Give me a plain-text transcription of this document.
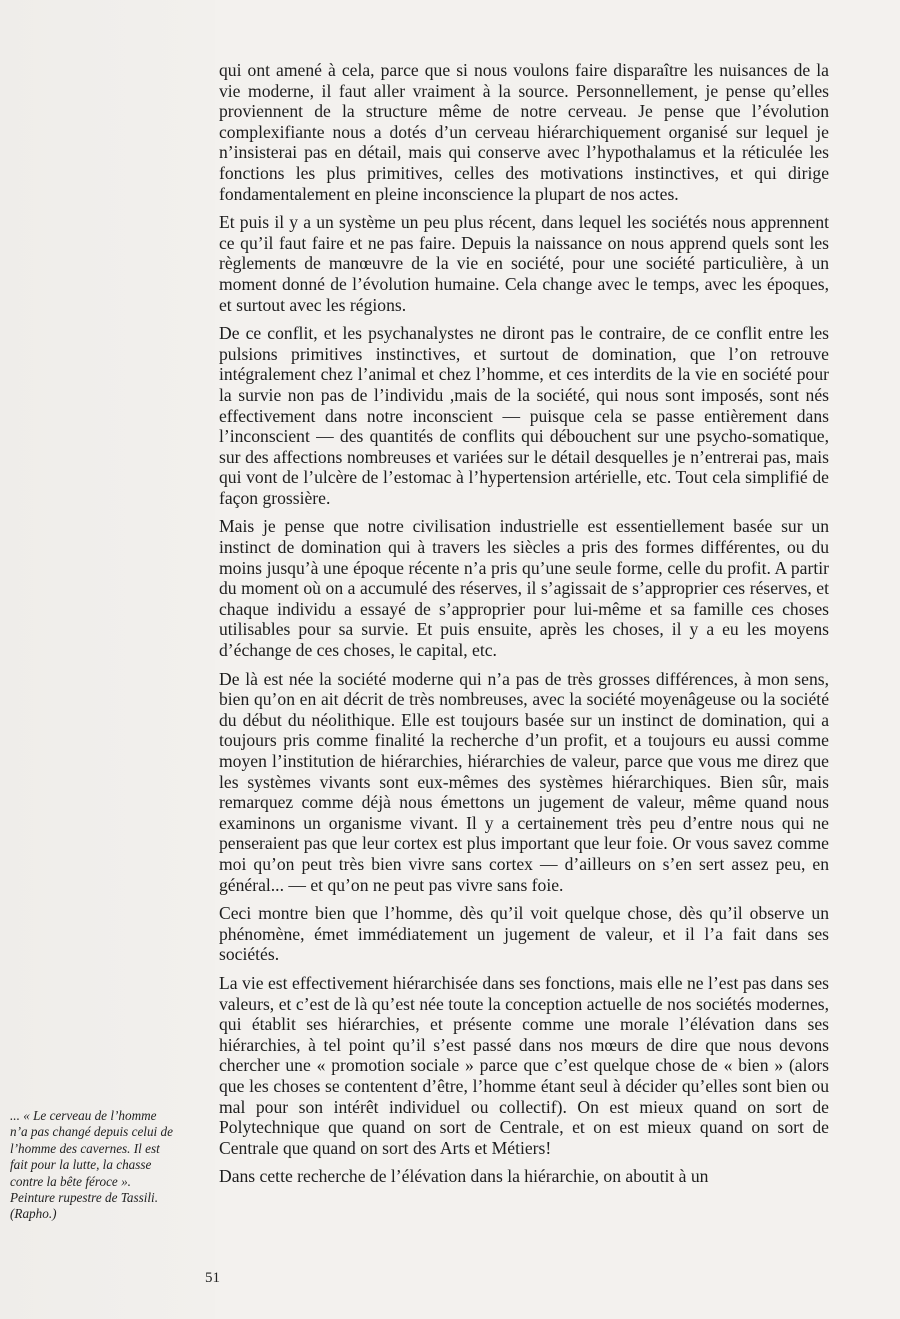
qui ont amené à cela, parce que si nous voulons faire disparaître les nuisances de la vie moderne, il faut aller vraiment à la source. Personnellement, je pense qu’elles proviennent de la structure même de notre cerveau. Je pense que l’évolution complexifiante nous a dotés d’un cerveau hiérarchiquement organisé sur lequel je n’insisterai pas en détail, mais qui conserve avec l’hypothalamus et la réticulée les fonctions les plus primitives, celles des motivations instinctives, et qui dirige fondamentalement en pleine inconscience la plupart de nos actes.

Et puis il y a un système un peu plus récent, dans lequel les sociétés nous apprennent ce qu’il faut faire et ne pas faire. Depuis la naissance on nous apprend quels sont les règlements de manœuvre de la vie en société, pour une société particulière, à un moment donné de l’évolution humaine. Cela change avec le temps, avec les époques, et surtout avec les régions.

De ce conflit, et les psychanalystes ne diront pas le contraire, de ce conflit entre les pulsions primitives instinctives, et surtout de domination, que l’on retrouve intégralement chez l’animal et chez l’homme, et ces interdits de la vie en société pour la survie non pas de l’individu ,mais de la société, qui nous sont imposés, sont nés effectivement dans notre inconscient — puisque cela se passe entièrement dans l’inconscient — des quantités de conflits qui débouchent sur une psycho-somatique, sur des affections nombreuses et variées sur le détail desquelles je n’entrerai pas, mais qui vont de l’ulcère de l’estomac à l’hypertension artérielle, etc. Tout cela simplifié de façon grossière.

Mais je pense que notre civilisation industrielle est essentiellement basée sur un instinct de domination qui à travers les siècles a pris des formes différentes, ou du moins jusqu’à une époque récente n’a pris qu’une seule forme, celle du profit. A partir du moment où on a accumulé des réserves, il s’agissait de s’approprier ces réserves, et chaque individu a essayé de s’approprier pour lui-même et sa famille ces choses utilisables pour sa survie. Et puis ensuite, après les choses, il y a eu les moyens d’échange de ces choses, le capital, etc.

De là est née la société moderne qui n’a pas de très grosses différences, à mon sens, bien qu’on en ait décrit de très nombreuses, avec la société moyenâgeuse ou la société du début du néolithique. Elle est toujours basée sur un instinct de domination, qui a toujours pris comme finalité la recherche d’un profit, et a toujours eu aussi comme moyen l’institution de hiérarchies, hiérarchies de valeur, parce que vous me direz que les systèmes vivants sont eux-mêmes des systèmes hiérarchiques. Bien sûr, mais remarquez comme déjà nous émettons un jugement de valeur, même quand nous examinons un organisme vivant. Il y a certainement très peu d’entre nous qui ne penseraient pas que leur cortex est plus important que leur foie. Or vous savez comme moi qu’on peut très bien vivre sans cortex — d’ailleurs on s’en sert assez peu, en général... — et qu’on ne peut pas vivre sans foie.

Ceci montre bien que l’homme, dès qu’il voit quelque chose, dès qu’il observe un phénomène, émet immédiatement un jugement de valeur, et il l’a fait dans ses sociétés.

La vie est effectivement hiérarchisée dans ses fonctions, mais elle ne l’est pas dans ses valeurs, et c’est de là qu’est née toute la conception actuelle de nos sociétés modernes, qui établit ses hiérarchies, et présente comme une morale l’élévation dans ses hiérarchies, à tel point qu’il s’est passé dans nos mœurs de dire que nous devons chercher une « promotion sociale » parce que c’est quelque chose de « bien » (alors que les choses se contentent d’être, l’homme étant seul à décider qu’elles sont bien ou mal pour son intérêt individuel ou collectif). On est mieux quand on sort de Polytechnique que quand on sort de Centrale, et on est mieux quand on sort de Centrale que quand on sort des Arts et Métiers!

Dans cette recherche de l’élévation dans la hiérarchie, on aboutit à un

... « Le cerveau de l’homme n’a pas changé depuis celui de l’homme des cavernes. Il est fait pour la lutte, la chasse contre la bête féroce ». Peinture rupestre de Tassili. (Rapho.)
51
